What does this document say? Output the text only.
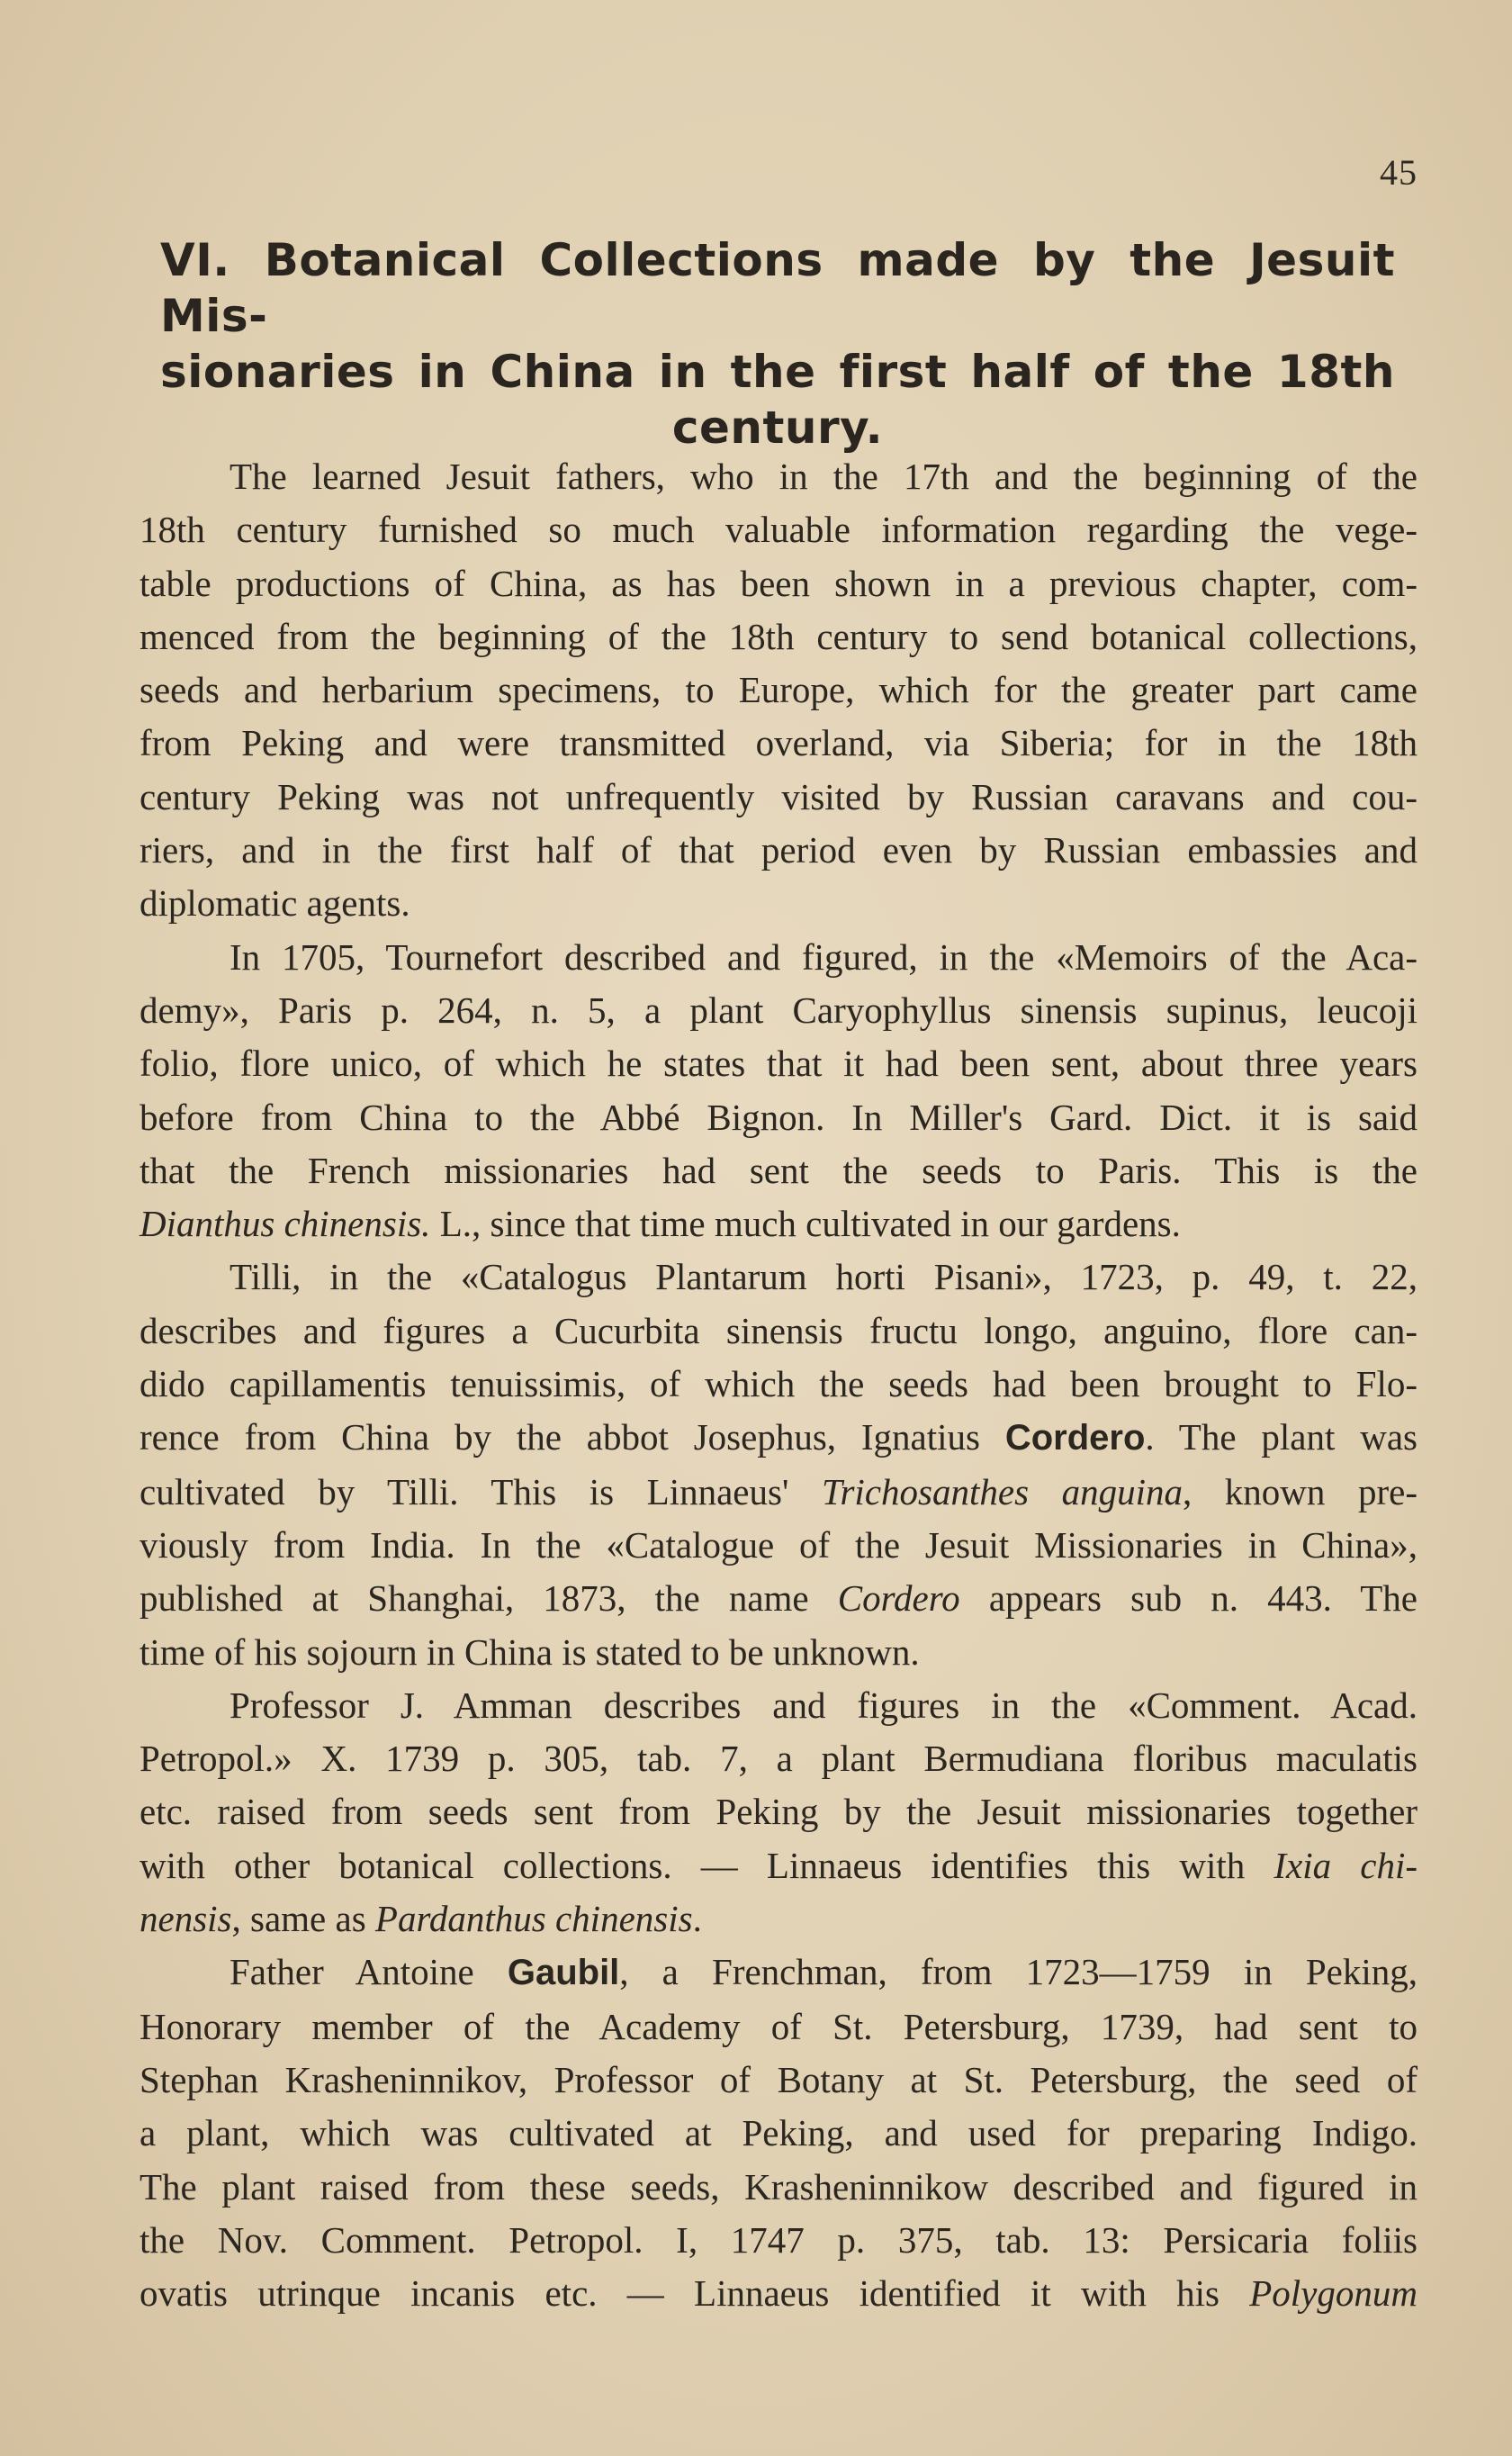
45
VI. Botanical Collections made by the Jesuit Mis-
sionaries in China in the first half of the 18th
century.
The learned Jesuit fathers, who in the 17th and the beginning of the
18th century furnished so much valuable information regarding the vege-
table productions of China, as has been shown in a previous chapter, com-
menced from the beginning of the 18th century to send botanical collections,
seeds and herbarium specimens, to Europe, which for the greater part came
from Peking and were transmitted overland, via Siberia; for in the 18th
century Peking was not unfrequently visited by Russian caravans and cou-
riers, and in the first half of that period even by Russian embassies and
diplomatic agents.
In 1705, Tournefort described and figured, in the «Memoirs of the Aca-
demy», Paris p. 264, n. 5, a plant Caryophyllus sinensis supinus, leucoji
folio, flore unico, of which he states that it had been sent, about three years
before from China to the Abbé Bignon. In Miller's Gard. Dict. it is said
that the French missionaries had sent the seeds to Paris. This is the
Dianthus chinensis. L., since that time much cultivated in our gardens.
Tilli, in the «Catalogus Plantarum horti Pisani», 1723, p. 49, t. 22,
describes and figures a Cucurbita sinensis fructu longo, anguino, flore can-
dido capillamentis tenuissimis, of which the seeds had been brought to Flo-
rence from China by the abbot Josephus, Ignatius Cordero. The plant was
cultivated by Tilli. This is Linnaeus' Trichosanthes anguina, known pre-
viously from India. In the «Catalogue of the Jesuit Missionaries in China»,
published at Shanghai, 1873, the name Cordero appears sub n. 443. The
time of his sojourn in China is stated to be unknown.
Professor J. Amman describes and figures in the «Comment. Acad.
Petropol.» X. 1739 p. 305, tab. 7, a plant Bermudiana floribus maculatis
etc. raised from seeds sent from Peking by the Jesuit missionaries together
with other botanical collections. — Linnaeus identifies this with Ixia chi-
nensis, same as Pardanthus chinensis.
Father Antoine Gaubil, a Frenchman, from 1723—1759 in Peking,
Honorary member of the Academy of St. Petersburg, 1739, had sent to
Stephan Krasheninnikov, Professor of Botany at St. Petersburg, the seed of
a plant, which was cultivated at Peking, and used for preparing Indigo.
The plant raised from these seeds, Krasheninnikow described and figured in
the Nov. Comment. Petropol. I, 1747 p. 375, tab. 13: Persicaria foliis
ovatis utrinque incanis etc. — Linnaeus identified it with his Polygonum
